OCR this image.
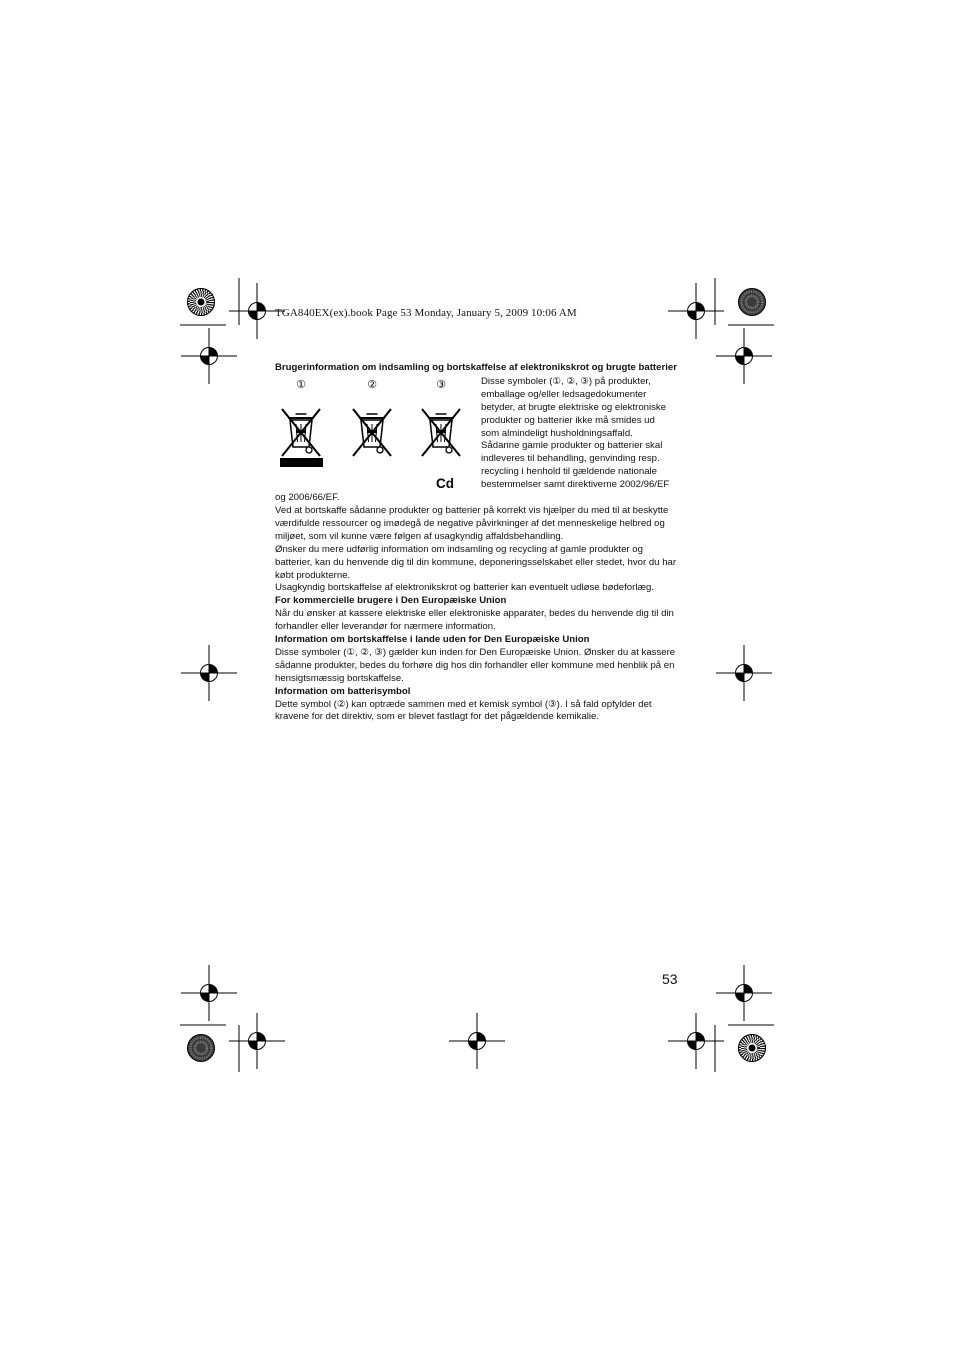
TGA840EX(ex).book Page 53 Monday, January 5, 2009 10:06 AM

Brugerinformation om indsamling og bortskaffelse af elektronikskrot og brugte batterier

①	②	③
Cd
Disse symboler (①, ②, ③) på produkter,
emballage og/eller ledsagedokumenter
betyder, at brugte elektriske og elektroniske
produkter og batterier ikke må smides ud
som almindeligt husholdningsaffald.
Sådanne gamle produkter og batterier skal
indleveres til behandling, genvinding resp.
recycling i henhold til gældende nationale
bestemmelser samt direktiverne 2002/96/EF

og 2006/66/EF.

Ved at bortskaffe sådanne produkter og batterier på korrekt vis hjælper du med til at beskytte værdifulde ressourcer og imødegå de negative påvirkninger af det menneskelige helbred og miljøet, som vil kunne være følgen af usagkyndig affaldsbehandling.

Ønsker du mere udførlig information om indsamling og recycling af gamle produkter og batterier, kan du henvende dig til din kommune, deponeringsselskabet eller stedet, hvor du har købt produkterne.

Usagkyndig bortskaffelse af elektronikskrot og batterier kan eventuelt udløse bødeforlæg.

For kommercielle brugere i Den Europæiske Union

Når du ønsker at kassere elektriske eller elektroniske apparater, bedes du henvende dig til din forhandler eller leverandør for nærmere information.

Information om bortskaffelse i lande uden for Den Europæiske Union

Disse symboler (①, ②, ③) gælder kun inden for Den Europæiske Union. Ønsker du at kassere sådanne produkter, bedes du forhøre dig hos din forhandler eller kommune med henblik på en hensigtsmæssig bortskaffelse.

Information om batterisymbol

Dette symbol (②) kan optræde sammen med et kemisk symbol (③). I så fald opfylder det kravene for det direktiv, som er blevet fastlagt for det pågældende kemikalie.

53
